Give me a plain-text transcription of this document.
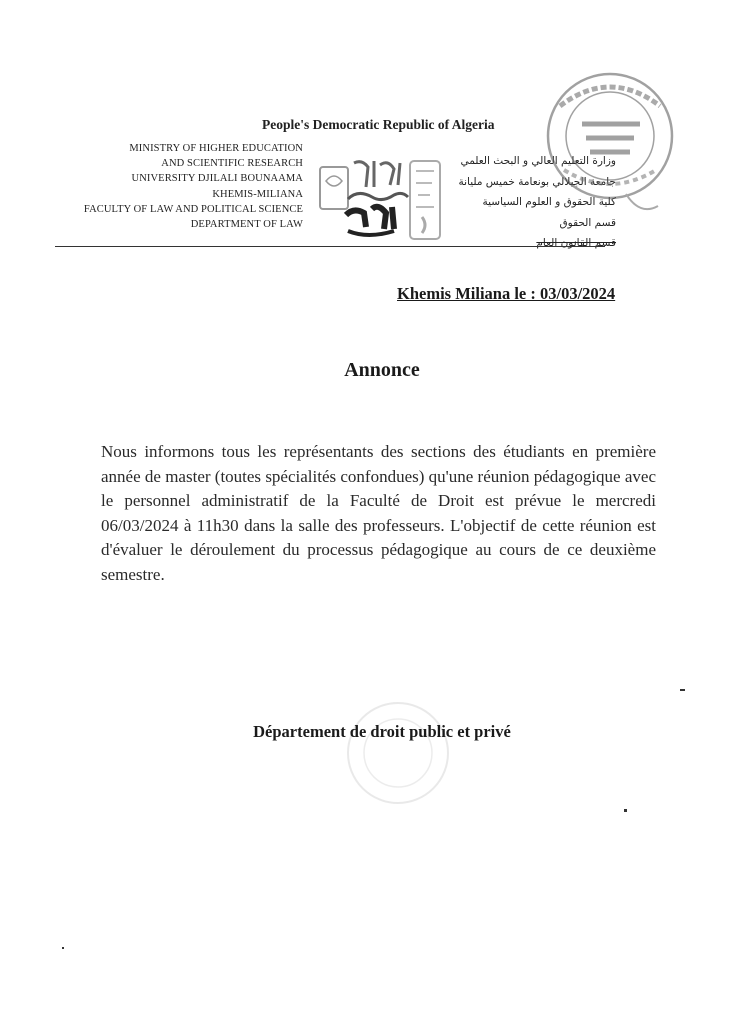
People's Democratic Republic of Algeria
MINISTRY OF HIGHER EDUCATION
AND SCIENTIFIC RESEARCH
UNIVERSITY DJILALI BOUNAAMA
KHEMIS-MILIANA
FACULTY OF LAW AND POLITICAL SCIENCE
DEPARTMENT OF LAW
وزارة التعليم العالي و البحث العلمي
جامعة الجيلالي بونعامة خميس مليانة
كلية الحقوق و العلوم السياسية
قسم الحقوق
قسم القانون العام
Khemis Miliana le : 03/03/2024
Annonce
Nous informons tous les représentants des sections des étudiants en première année de master (toutes spécialités confondues) qu'une réunion pédagogique avec le personnel administratif de la Faculté de Droit est prévue le mercredi 06/03/2024 à 11h30 dans la salle des professeurs. L'objectif de cette réunion est d'évaluer le déroulement du processus pédagogique au cours de ce deuxième semestre.
Département de droit public et privé
